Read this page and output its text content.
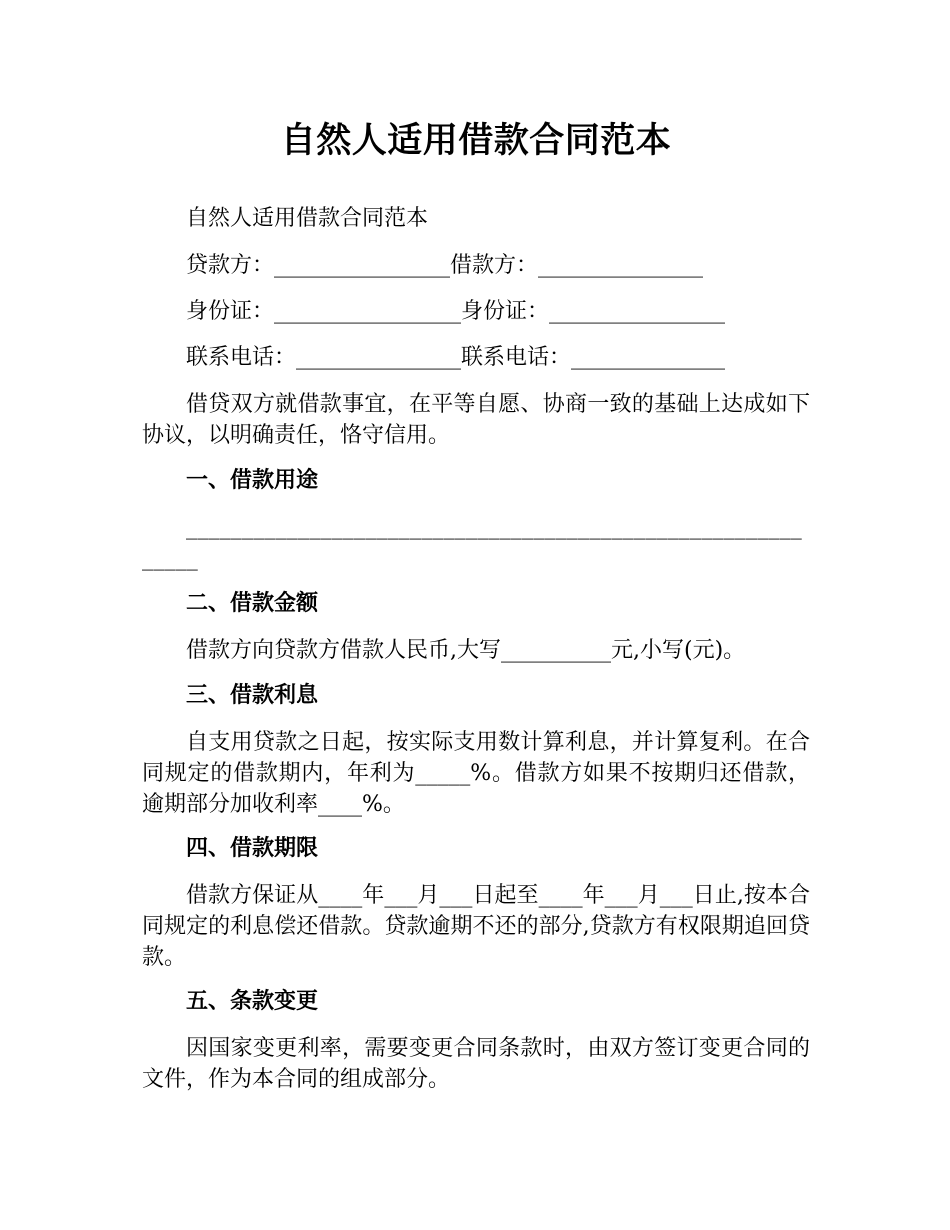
自然人适用借款合同范本
自然人适用借款合同范本
贷款方：________________借款方：_______________
身份证：_________________身份证：________________
联系电话：_______________联系电话：______________
借贷双方就借款事宜，在平等自愿、协商一致的基础上达成如下协议，以明确责任，恪守信用。
一、借款用途
____________________________________________________________
二、借款金额
借款方向贷款方借款人民币,大写__________元,小写(元)。
三、借款利息
自支用贷款之日起，按实际支用数计算利息，并计算复利。在合同规定的借款期内，年利为_____%。借款方如果不按期归还借款，逾期部分加收利率____%。
四、借款期限
借款方保证从____年___月___日起至____年___月___日止,按本合同规定的利息偿还借款。贷款逾期不还的部分,贷款方有权限期追回贷款。
五、条款变更
因国家变更利率，需要变更合同条款时，由双方签订变更合同的文件，作为本合同的组成部分。
